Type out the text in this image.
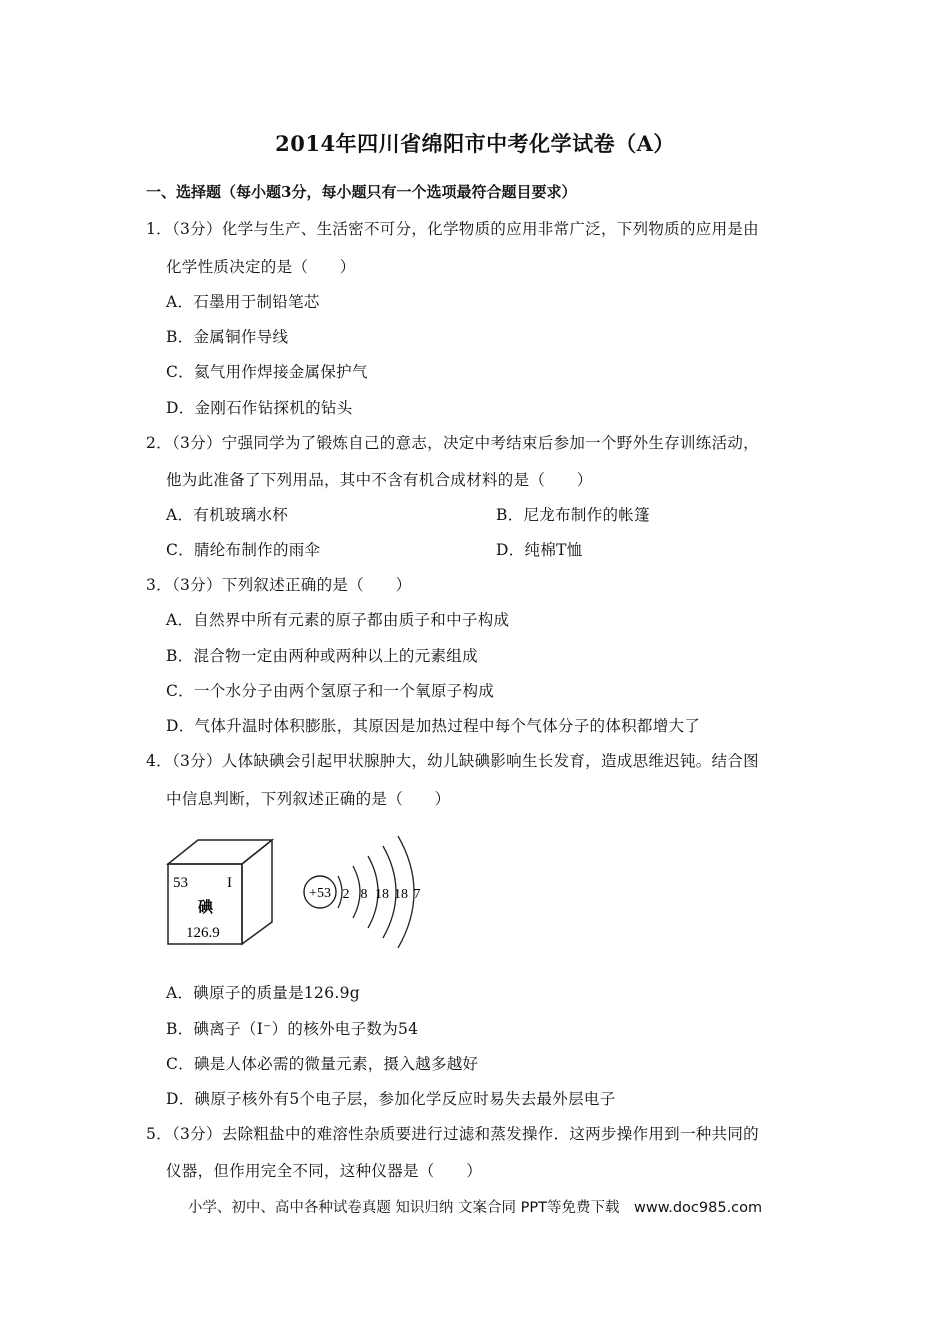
2014年四川省绵阳市中考化学试卷（A）
一、选择题（每小题3分，每小题只有一个选项最符合题目要求）
1．（3分）化学与生产、生活密不可分，化学物质的应用非常广泛，下列物质的应用是由
化学性质决定的是（　　）
A．石墨用于制铅笔芯
B．金属铜作导线
C．氦气用作焊接金属保护气
D．金刚石作钻探机的钻头
2．（3分）宁强同学为了锻炼自己的意志，决定中考结束后参加一个野外生存训练活动，
他为此准备了下列用品，其中不含有机合成材料的是（　　）
A．有机玻璃水杯	B．尼龙布制作的帐篷
C．腈纶布制作的雨伞	D．纯棉T恤
3．（3分）下列叙述正确的是（　　）
A．自然界中所有元素的原子都由质子和中子构成
B．混合物一定由两种或两种以上的元素组成
C．一个水分子由两个氢原子和一个氧原子构成
D．气体升温时体积膨胀，其原因是加热过程中每个气体分子的体积都增大了
4．（3分）人体缺碘会引起甲状腺肿大，幼儿缺碘影响生长发育，造成思维迟钝。结合图
中信息判断，下列叙述正确的是（　　）
53	I
碘
126.9
+53 2 8 18 18 7
A．碘原子的质量是126.9g
B．碘离子（I⁻）的核外电子数为54
C．碘是人体必需的微量元素，摄入越多越好
D．碘原子核外有5个电子层，参加化学反应时易失去最外层电子
5．（3分）去除粗盐中的难溶性杂质要进行过滤和蒸发操作．这两步操作用到一种共同的
仪器，但作用完全不同，这种仪器是（　　）
小学、初中、高中各种试卷真题 知识归纳 文案合同 PPT等免费下载　www.doc985.com
